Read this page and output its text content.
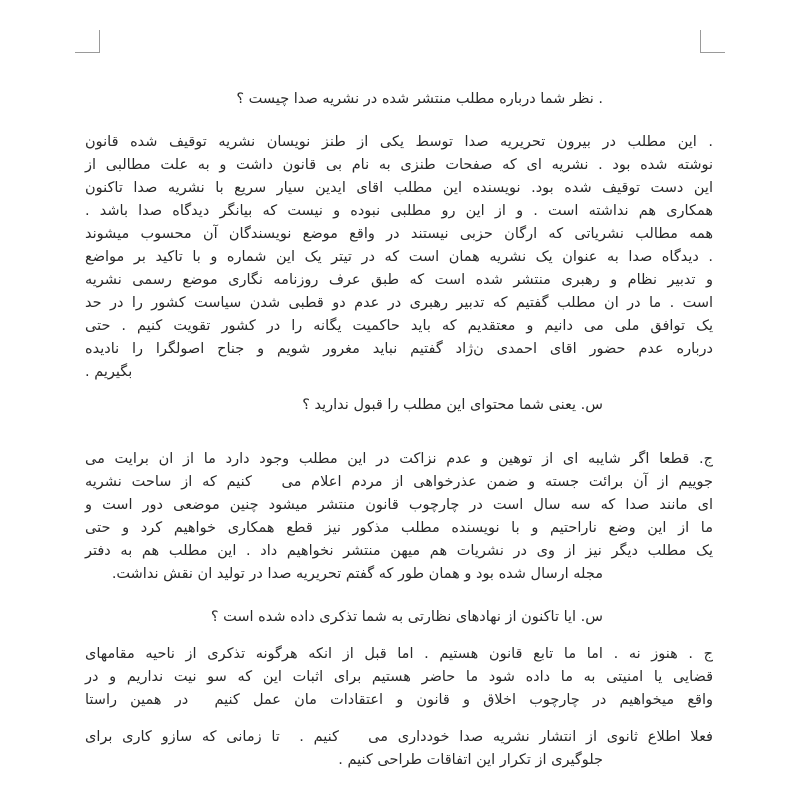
. نظر شما درباره مطلب منتشر شده در نشریه صدا چیست ؟
. این مطلب در بیرون تحریریه صدا توسط یکی از طنز نویسان نشریه توقیف شده قانون
نوشته شده بود . نشریه ای که صفحات طنزی به نام بی قانون داشت و به علت مطالبی از
این دست توقیف شده بود. نویسنده این مطلب اقای ایدین سیار سریع با نشریه صدا تاکنون
همکاری هم نداشته است . و از این رو مطلبی نبوده و نیست که بیانگر دیدگاه صدا باشد .
همه مطالب نشریاتی که ارگان حزبی نیستند در واقع موضع نویسندگان آن محسوب میشوند
. دیدگاه صدا به عنوان یک نشریه همان است که در تیتر یک این شماره و با تاکید بر مواضع
و تدبیر نظام و رهبری منتشر شده است که طبق عرف روزنامه نگاری موضع رسمی نشریه
است . ما در ان مطلب گفتیم که تدبیر رهبری در عدم دو قطبی شدن سیاست کشور را در حد
یک توافق ملی می دانیم و معتقدیم که باید حاکمیت یگانه را در کشور تقویت کنیم . حتی
درباره عدم حضور اقای احمدی ن‌ژاد گفتیم نباید مغرور شویم و جناح اصولگرا را نادیده
بگیریم .
س. یعنی شما محتوای این مطلب را قبول ندارید ؟
ج. قطعا اگر شایبه ای از توهین و عدم نزاکت در این مطلب وجود دارد ما از ان برایت می
جوییم از آن برائت جسته و ضمن عذرخواهی از مردم اعلام می   کنیم که از ساحت نشریه
ای مانند صدا که سه سال است در چارچوب قانون منتشر میشود چنین موضعی دور است و
ما از این وضع ناراحتیم و با نویسنده مطلب مذکور نیز قطع همکاری خواهیم کرد و حتی
یک مطلب دیگر نیز از وی در نشریات هم میهن منتشر نخواهیم داد . این مطلب هم به دفتر
مجله ارسال شده بود و همان طور که گفتم تحریریه صدا در تولید ان نقش نداشت.
س. ایا تاکنون از نهادهای نظارتی به شما تذکری داده شده است ؟
ج . هنوز نه . اما ما تابع قانون هستیم . اما قبل از انکه هرگونه تذکری از ناحیه مقامهای
قضایی یا امنیتی به ما داده شود ما حاضر هستیم برای اثبات این که سو نیت نداریم و در
واقع میخواهیم در چارچوب اخلاق و قانون و اعتقادات مان عمل کنیم  در همین راستا
فعلا اطلاع ثانوی از انتشار نشریه صدا خودداری می   کنیم .  تا زمانی که سازو کاری برای
جلوگیری از تکرار این اتفاقات طراحی کنیم .
